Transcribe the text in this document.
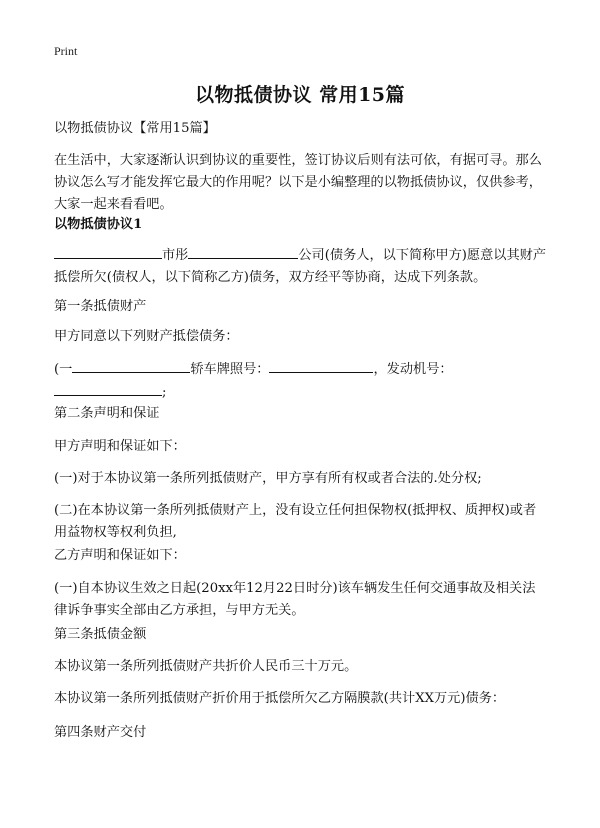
Print
以物抵债协议 常用15篇
以物抵债协议【常用15篇】
在生活中，大家逐渐认识到协议的重要性，签订协议后则有法可依，有据可寻。那么协议怎么写才能发挥它最大的作用呢？以下是小编整理的以物抵债协议，仅供参考，大家一起来看看吧。
以物抵债协议1
市彤	公司(债务人，以下简称甲方)愿意以其财产抵偿所欠(债权人，以下简称乙方)债务，双方经平等协商，达成下列条款。
第一条抵债财产
甲方同意以下列财产抵偿债务：
(一	轿车牌照号：	，发动机号：
;
第二条声明和保证
甲方声明和保证如下：
(一)对于本协议第一条所列抵债财产，甲方享有所有权或者合法的.处分权;
(二)在本协议第一条所列抵债财产上，没有设立任何担保物权(抵押权、质押权)或者用益物权等权利负担,
乙方声明和保证如下：
(一)自本协议生效之日起(20xx年12月22日时分)该车辆发生任何交通事故及相关法律诉争事实全部由乙方承担，与甲方无关。
第三条抵债金额
本协议第一条所列抵债财产共折价人民币三十万元。
本协议第一条所列抵债财产折价用于抵偿所欠乙方隔膜款(共计XX万元)债务：
第四条财产交付
